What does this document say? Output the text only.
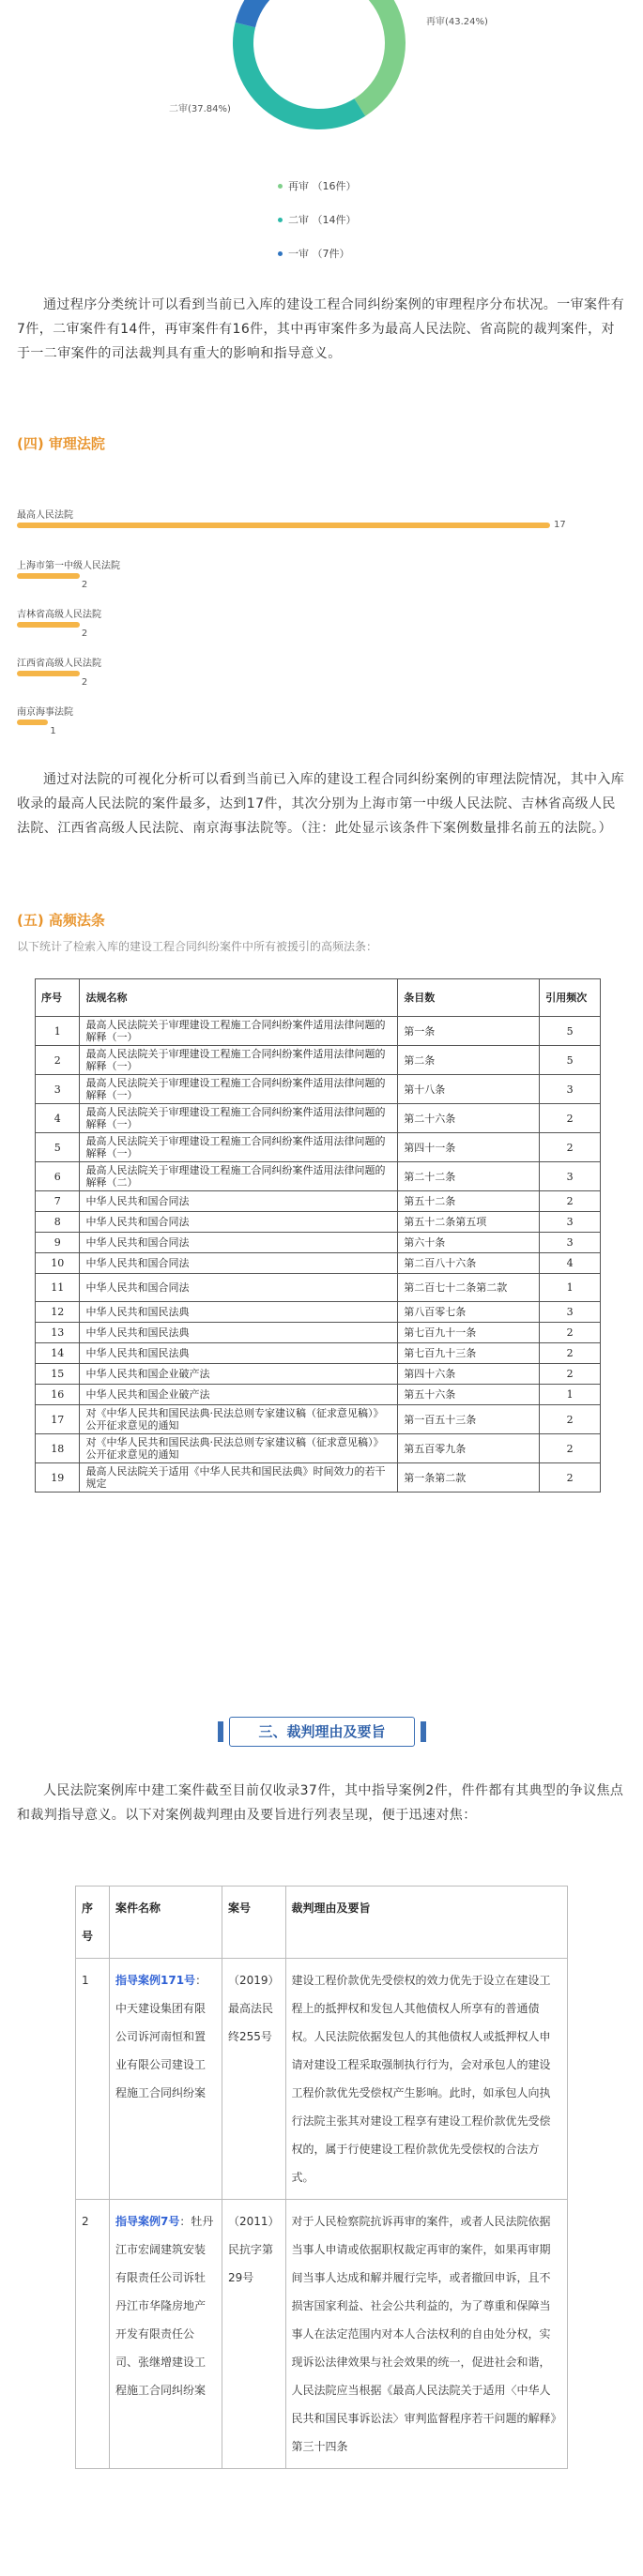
再审(43.24%)
二审(37.84%)
再审 （16件）
二审 （14件）
一审 （7件）

通过程序分类统计可以看到当前已入库的建设工程合同纠纷案例的审理程序分布状况。一审案件有7件，二审案件有14件，再审案件有16件，其中再审案件多为最高人民法院、省高院的裁判案件，对于一二审案件的司法裁判具有重大的影响和指导意义。

(四) 审理法院
最高人民法院
17
上海市第一中级人民法院
2
吉林省高级人民法院
2
江西省高级人民法院
2
南京海事法院
1

通过对法院的可视化分析可以看到当前已入库的建设工程合同纠纷案例的审理法院情况，其中入库收录的最高人民法院的案件最多，达到17件，其次分别为上海市第一中级人民法院、吉林省高级人民法院、江西省高级人民法院、南京海事法院等。（注：此处显示该条件下案例数量排名前五的法院。）

(五) 高频法条
以下统计了检索入库的建设工程合同纠纷案件中所有被援引的高频法条：
序号	法规名称	条目数	引用频次
1	最高人民法院关于审理建设工程施工合同纠纷案件适用法律问题的解释（一）	第一条	5
2	最高人民法院关于审理建设工程施工合同纠纷案件适用法律问题的解释（一）	第二条	5
3	最高人民法院关于审理建设工程施工合同纠纷案件适用法律问题的解释（一）	第十八条	3
4	最高人民法院关于审理建设工程施工合同纠纷案件适用法律问题的解释（一）	第二十六条	2
5	最高人民法院关于审理建设工程施工合同纠纷案件适用法律问题的解释（一）	第四十一条	2
6	最高人民法院关于审理建设工程施工合同纠纷案件适用法律问题的解释（二）	第二十二条	3
7	中华人民共和国合同法	第五十二条	2
8	中华人民共和国合同法	第五十二条第五项	3
9	中华人民共和国合同法	第六十条	3
10	中华人民共和国合同法	第二百八十六条	4
11	中华人民共和国合同法	第二百七十二条第二款	1
12	中华人民共和国民法典	第八百零七条	3
13	中华人民共和国民法典	第七百九十一条	2
14	中华人民共和国民法典	第七百九十三条	2
15	中华人民共和国企业破产法	第四十六条	2
16	中华人民共和国企业破产法	第五十六条	1
17	对《中华人民共和国民法典·民法总则专家建议稿（征求意见稿）》公开征求意见的通知	第一百五十三条	2
18	对《中华人民共和国民法典·民法总则专家建议稿（征求意见稿）》公开征求意见的通知	第五百零九条	2
19	最高人民法院关于适用《中华人民共和国民法典》时间效力的若干规定	第一条第二款	2
三、裁判理由及要旨

人民法院案例库中建工案件截至目前仅收录37件，其中指导案例2件，件件都有其典型的争议焦点和裁判指导意义。以下对案例裁判理由及要旨进行列表呈现，便于迅速对焦：

序号	案件名称	案号	裁判理由及要旨
1	指导案例171号：中天建设集团有限公司诉河南恒和置业有限公司建设工程施工合同纠纷案	（2019）最高法民终255号	建设工程价款优先受偿权的效力优先于设立在建设工程上的抵押权和发包人其他债权人所享有的普通债权。人民法院依据发包人的其他债权人或抵押权人申请对建设工程采取强制执行行为，会对承包人的建设工程价款优先受偿权产生影响。此时，如承包人向执行法院主张其对建设工程享有建设工程价款优先受偿权的，属于行使建设工程价款优先受偿权的合法方式。
2	指导案例7号：牡丹江市宏阔建筑安装有限责任公司诉牡丹江市华隆房地产开发有限责任公司、张继增建设工程施工合同纠纷案	（2011）民抗字第29号	对于人民检察院抗诉再审的案件，或者人民法院依据当事人申请或依据职权裁定再审的案件，如果再审期间当事人达成和解并履行完毕，或者撤回申诉，且不损害国家利益、社会公共利益的，为了尊重和保障当事人在法定范围内对本人合法权利的自由处分权，实现诉讼法律效果与社会效果的统一，促进社会和谐，人民法院应当根据《最高人民法院关于适用〈中华人民共和国民事诉讼法〉审判监督程序若干问题的解释》第三十四条
